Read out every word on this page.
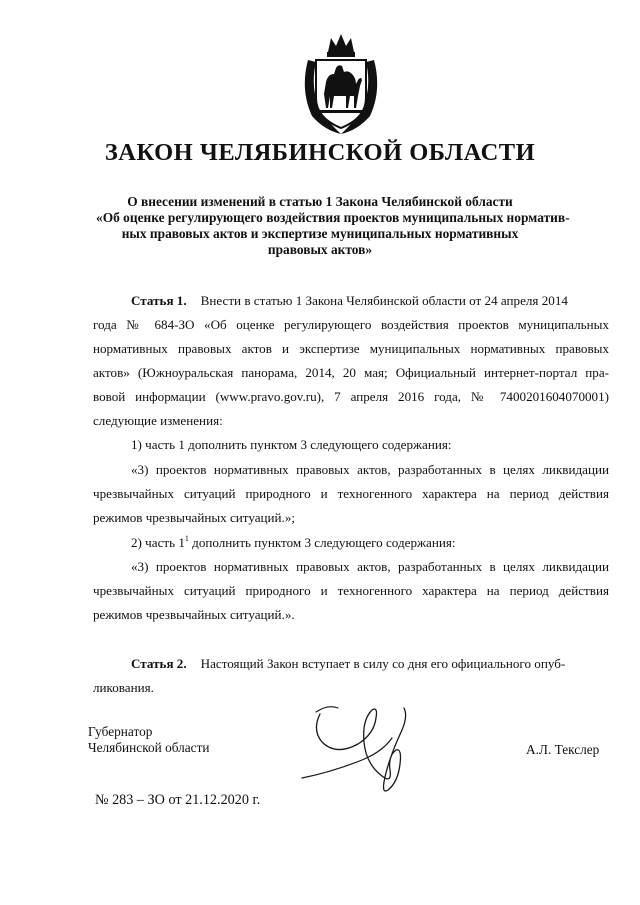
ЗАКОН ЧЕЛЯБИНСКОЙ ОБЛАСТИ
О внесении изменений в статью 1 Закона Челябинской области
«Об оценке регулирующего воздействия проектов муниципальных норматив-
ных правовых актов и экспертизе муниципальных нормативных
правовых актов»
Статья 1. Внести в статью 1 Закона Челябинской области от 24 апреля 2014
года № 684-ЗО «Об оценке регулирующего воздействия проектов муниципальных
нормативных правовых актов и экспертизе муниципальных нормативных правовых
актов» (Южноуральская панорама, 2014, 20 мая; Официальный интернет-портал пра-
вовой информации (www.pravo.gov.ru), 7 апреля 2016 года, № 7400201604070001)
следующие изменения:
1) часть 1 дополнить пунктом 3 следующего содержания:
«3) проектов нормативных правовых актов, разработанных в целях ликвидации
чрезвычайных ситуаций природного и техногенного характера на период действия
режимов чрезвычайных ситуаций.»;
2) часть $1^1$ дополнить пунктом 3 следующего содержания:
«3) проектов нормативных правовых актов, разработанных в целях ликвидации
чрезвычайных ситуаций природного и техногенного характера на период действия
режимов чрезвычайных ситуаций.».
Статья 2. Настоящий Закон вступает в силу со дня его официального опуб-
ликования.
Губернатор
Челябинской области	А.Л. Текслер
№ 283 – ЗО от 21.12.2020 г.
